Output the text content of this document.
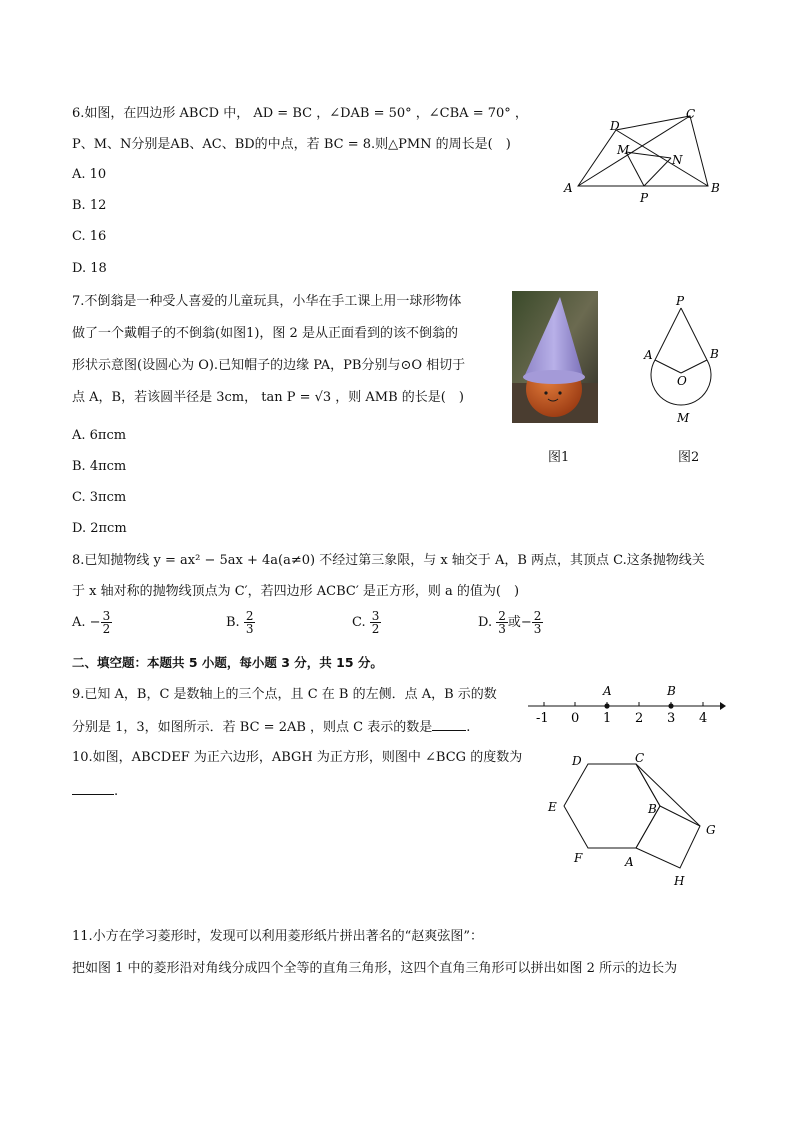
6.如图，在四边形 ABCD 中， AD = BC ，∠DAB = 50° ，∠CBA = 70° ，
P、M、N分别是AB、AC、BD的中点，若 BC = 8.则△PMN 的周长是(　)
A. 10
B. 12
C. 16
D. 18
A	B
C
D
M
N
P
7.不倒翁是一种受人喜爱的儿童玩具，小华在手工课上用一球形物体
做了一个戴帽子的不倒翁(如图1)，图 2 是从正面看到的该不倒翁的
形状示意图(设圆心为 O).已知帽子的边缘 PA，PB分别与⊙O 相切于
点 A，B，若该圆半径是 3cm， tan P = √3 ，则 AMB 的长是(　)
A. 6πcm
B. 4πcm
C. 3πcm
D. 2πcm
图1
P
A	B
O
M
图2
8.已知抛物线 y = ax² − 5ax + 4a(a≠0) 不经过第三象限，与 x 轴交于 A，B 两点，其顶点 C.这条抛物线关
于 x 轴对称的抛物线顶点为 C′，若四边形 ACBC′ 是正方形，则 a 的值为(　)
A. − $\frac{3}{2}$	B. $\frac{2}{3}$	C. $\frac{3}{2}$	D. $\frac{2}{3}$ 或− $\frac{2}{3}$
二、填空题：本题共 5 小题，每小题 3 分，共 15 分。
9.已知 A，B，C 是数轴上的三个点，且 C 在 B 的左侧．点 A，B 示的数
分别是 1，3，如图所示．若 BC = 2AB ，则点 C 表示的数是	.
-1 0 1 2 3 4
A	B
10.如图，ABCDEF 为正六边形，ABGH 为正方形，则图中 ∠BCG 的度数为
.
D	C
E	B
G
F	A
H
11.小方在学习菱形时，发现可以利用菱形纸片拼出著名的“赵爽弦图”：
把如图 1 中的菱形沿对角线分成四个全等的直角三角形，这四个直角三角形可以拼出如图 2 所示的边长为
